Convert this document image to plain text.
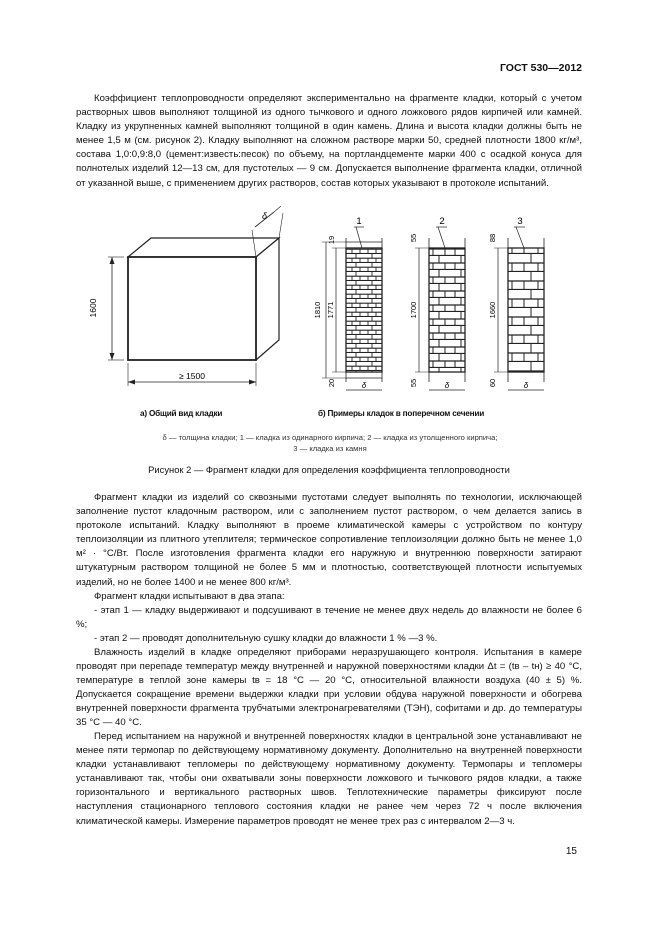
ГОСТ 530—2012

Коэффициент теплопроводности определяют экспериментально на фрагменте кладки, который с учетом растворных швов выполняют толщиной из одного тычкового и одного ложкового рядов кирпичей или камней. Кладку из укрупненных камней выполняют толщиной в один камень. Длина и высота кладки должны быть не менее 1,5 м (см. рисунок 2). Кладку выполняют на сложном растворе марки 50, средней плотности 1800 кг/м³, состава 1,0:0,9:8,0 (цемент:известь:песок) по объему, на портландцементе марки 400 с осадкой конуса для полнотелых изделий 12—13 см, для пустотелых — 9 см. Допускается выполнение фрагмента кладки, отличной от указанной выше, с применением других растворов, состав которых указывают в протоколе испытаний.

δ
1600
≥ 1500
1
19
1810 1771
20	δ
2
55
1700
55	δ
3
88
1660
60	δ
а) Общий вид кладки	б) Примеры кладок в поперечном сечении
δ — толщина кладки; 1 — кладка из одинарного кирпича; 2 — кладка из утолщенного кирпича;
3 — кладка из камня
Рисунок 2 — Фрагмент кладки для определения коэффициента теплопроводности

Фрагмент кладки из изделий со сквозными пустотами следует выполнять по технологии, исключающей заполнение пустот кладочным раствором, или с заполнением пустот раствором, о чем делается запись в протоколе испытаний. Кладку выполняют в проеме климатической камеры с устройством по контуру теплоизоляции из плитного утеплителя; термическое сопротивление теплоизоляции должно быть не менее 1,0 м² · °С/Вт. После изготовления фрагмента кладки его наружную и внутреннюю поверхности затирают штукатурным раствором толщиной не более 5 мм и плотностью, соответствующей плотности испытуемых изделий, но не более 1400 и не менее 800 кг/м³.

Фрагмент кладки испытывают в два этапа:

- этап 1 — кладку выдерживают и подсушивают в течение не менее двух недель до влажности не более 6 %;

- этап 2 — проводят дополнительную сушку кладки до влажности 1 % —3 %.

Влажность изделий в кладке определяют приборами неразрушающего контроля. Испытания в камере проводят при перепаде температур между внутренней и наружной поверхностями кладки Δt = (tв – tн) ≥ 40 °С, температуре в теплой зоне камеры tв = 18 °С — 20 °С, относительной влажности воздуха (40 ± 5) %. Допускается сокращение времени выдержки кладки при условии обдува наружной поверхности и обогрева внутренней поверхности фрагмента трубчатыми электронагревателями (ТЭН), софитами и др. до температуры 35 °С — 40 °С.

Перед испытанием на наружной и внутренней поверхностях кладки в центральной зоне устанавливают не менее пяти термопар по действующему нормативному документу. Дополнительно на внутренней поверхности кладки устанавливают тепломеры по действующему нормативному документу. Термопары и тепломеры устанавливают так, чтобы они охватывали зоны поверхности ложкового и тычкового рядов кладки, а также горизонтального и вертикального растворных швов. Теплотехнические параметры фиксируют после наступления стационарного теплового состояния кладки не ранее чем через 72 ч после включения климатической камеры. Измерение параметров проводят не менее трех раз с интервалом 2—3 ч.

15
